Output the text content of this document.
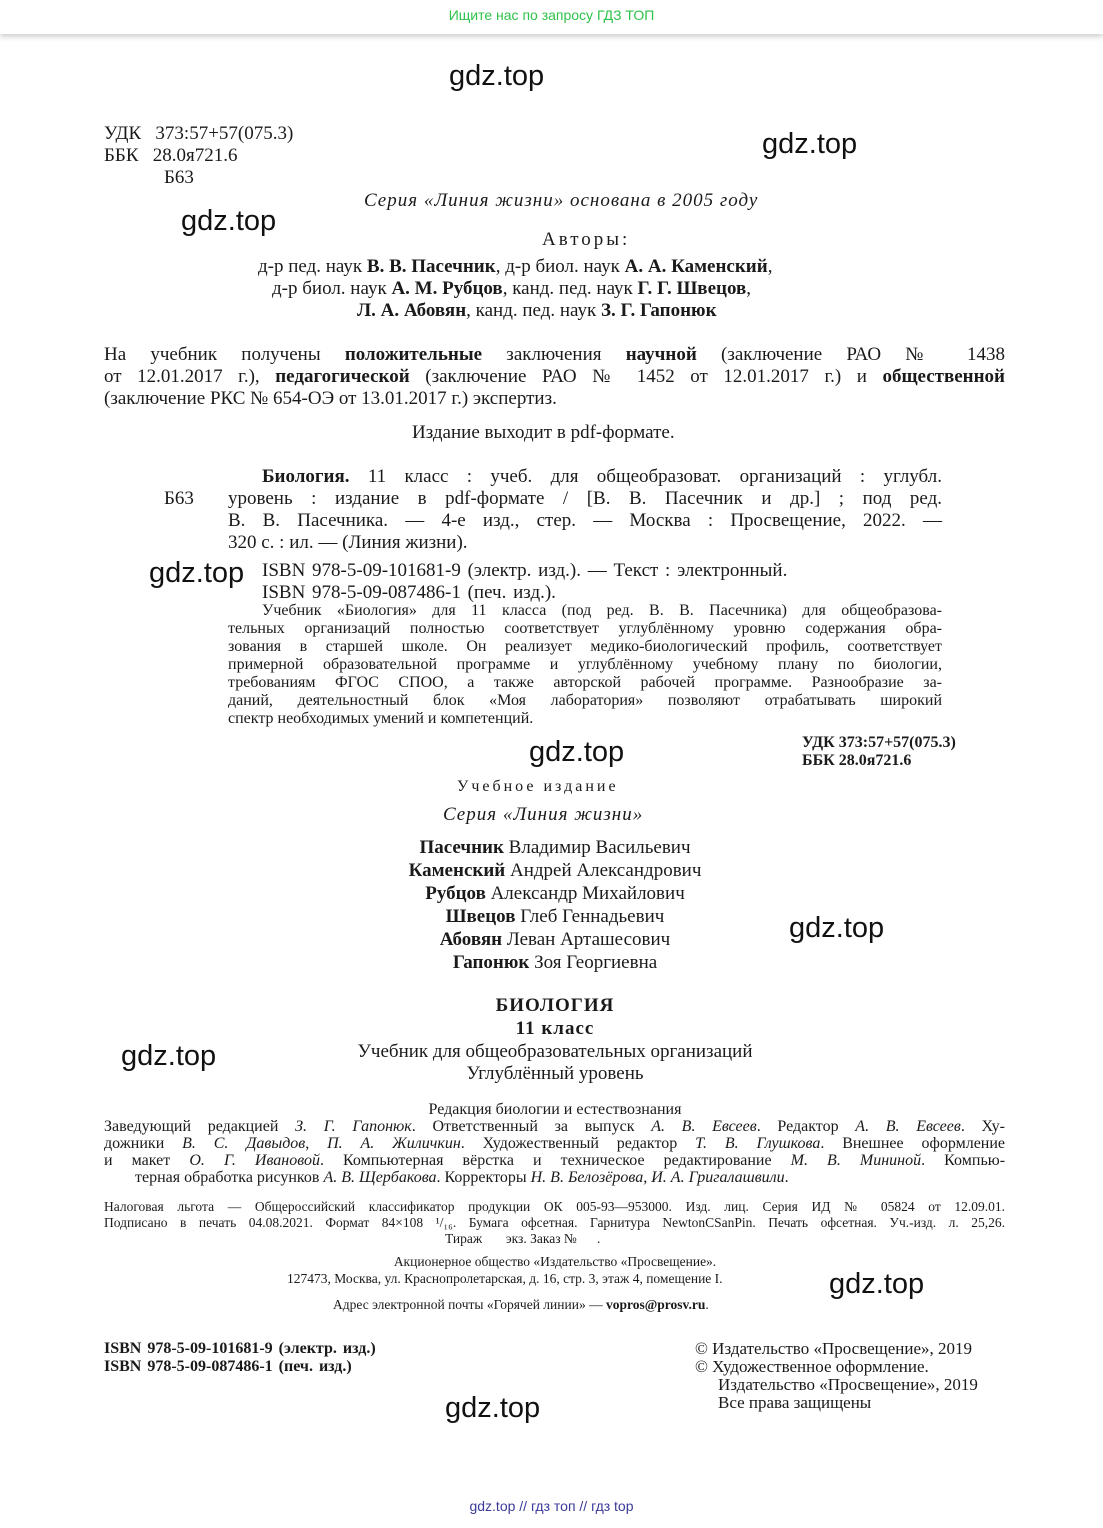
Ищите нас по запросу ГДЗ ТОП
gdz.top
gdz.top
gdz.top
gdz.top
gdz.top
gdz.top
gdz.top
gdz.top
gdz.top
УДК 373:57+57(075.3)
ББК 28.0я721.6
Б63
Серия «Линия жизни» основана в 2005 году
Авторы:
д-р пед. наук В. В. Пасечник, д-р биол. наук А. А. Каменский,
д-р биол. наук А. М. Рубцов, канд. пед. наук Г. Г. Швецов,
Л. А. Абовян, канд. пед. наук З. Г. Гапонюк
На учебник получены положительные заключения научной (заключение РАО № 1438
от 12.01.2017 г.), педагогической (заключение РАО № 1452 от 12.01.2017 г.) и общественной
(заключение РКС № 654-ОЭ от 13.01.2017 г.) экспертиз.
Издание выходит в pdf-формате.
Б63
Биология. 11 класс : учеб. для общеобразоват. организаций : углубл.
уровень : издание в pdf-формате / [В. В. Пасечник и др.] ; под ред.
В. В. Пасечника. — 4-е изд., стер. — Москва : Просвещение, 2022. —
320 с. : ил. — (Линия жизни).
ISBN 978-5-09-101681-9 (электр. изд.). — Текст : электронный.
ISBN 978-5-09-087486-1 (печ. изд.).
Учебник «Биология» для 11 класса (под ред. В. В. Пасечника) для общеобразова-
тельных организаций полностью соответствует углублённому уровню содержания обра-
зования в старшей школе. Он реализует медико-биологический профиль, соответствует
примерной образовательной программе и углублённому учебному плану по биологии,
требованиям ФГОС СПОО, а также авторской рабочей программе. Разнообразие за-
даний, деятельностный блок «Моя лаборатория» позволяют отрабатывать широкий
спектр необходимых умений и компетенций.
УДК 373:57+57(075.3)
ББК 28.0я721.6
Учебное издание
Серия «Линия жизни»
Пасечник Владимир Васильевич
Каменский Андрей Александрович
Рубцов Александр Михайлович
Швецов Глеб Геннадьевич
Абовян Леван Арташесович
Гапонюк Зоя Георгиевна
БИОЛОГИЯ
11 класс
Учебник для общеобразовательных организаций
Углублённый уровень
Редакция биологии и естествознания
Заведующий редакцией З. Г. Гапонюк. Ответственный за выпуск А. В. Евсеев. Редактор А. В. Евсеев. Ху-
дожники В. С. Давыдов, П. А. Жиличкин. Художественный редактор Т. В. Глушкова. Внешнее оформление
и макет О. Г. Ивановой. Компьютерная вёрстка и техническое редактирование М. В. Мининой. Компью-
терная обработка рисунков А. В. Щербакова. Корректоры Н. В. Белозёрова, И. А. Григалашвили.
Налоговая льгота — Общероссийский классификатор продукции ОК 005-93—953000. Изд. лиц. Серия ИД № 05824 от 12.09.01.
Подписано в печать 04.08.2021. Формат 84×108 ¹/₁₆. Бумага офсетная. Гарнитура NewtonCSanPin. Печать офсетная. Уч.-изд. л. 25,26.
Тираж       экз. Заказ №      .
Акционерное общество «Издательство «Просвещение».
127473, Москва, ул. Краснопролетарская, д. 16, стр. 3, этаж 4, помещение I.
Адрес электронной почты «Горячей линии» — vopros@prosv.ru.
ISBN 978-5-09-101681-9 (электр. изд.)
ISBN 978-5-09-087486-1 (печ. изд.)
© Издательство «Просвещение», 2019
© Художественное оформление.
Издательство «Просвещение», 2019
Все права защищены
gdz.top // гдз топ // гдз top
